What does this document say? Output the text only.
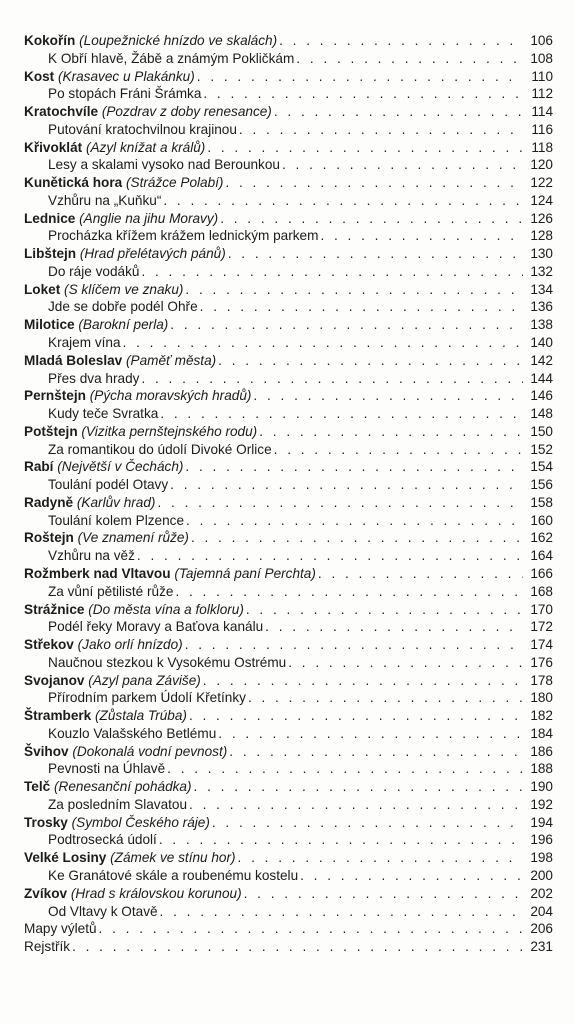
Kokořín (Loupežnické hnízdo ve skalách) . . .	106
K Obří hlavě, Žábě a známým Pokličkám . . .	108
Kost (Krasavec u Plakánku) . . .	110
Po stopách Fráni Šrámka . . .	112
Kratochvíle (Pozdrav z doby renesance) . . .	114
Putování kratochvilnou krajinou . . .	116
Křivoklát (Azyl knížat a králů) . . .	118
Lesy a skalami vysoko nad Berounkou . . .	120
Kunětická hora (Strážce Polabí) . . .	122
Vzhůru na „Kuňku“ . . .	124
Lednice (Anglie na jihu Moravy) . . .	126
Procházka křížem krážem lednickým parkem . . .	128
Libštejn (Hrad přelétavých pánů) . . .	130
Do ráje vodáků . . .	132
Loket (S klíčem ve znaku) . . .	134
Jde se dobře podél Ohře . . .	136
Milotice (Barokní perla) . . .	138
Krajem vína . . .	140
Mladá Boleslav (Paměť města) . . .	142
Přes dva hrady . . .	144
Pernštejn (Pýcha moravských hradů) . . .	146
Kudy teče Svratka . . .	148
Potštejn (Vizitka pernštejnského rodu) . . .	150
Za romantikou do údolí Divoké Orlice . . .	152
Rabí (Největší v Čechách) . . .	154
Toulání podél Otavy . . .	156
Radyně (Karlův hrad) . . .	158
Toulání kolem Plzence . . .	160
Roštejn (Ve znamení růže) . . .	162
Vzhůru na věž . . .	164
Rožmberk nad Vltavou (Tajemná paní Perchta) . . .	166
Za vůní pětilisté růže . . .	168
Strážnice (Do města vína a folkloru) . . .	170
Podél řeky Moravy a Baťova kanálu . . .	172
Střekov (Jako orlí hnízdo) . . .	174
Naučnou stezkou k Vysokému Ostrému . . .	176
Svojanov (Azyl pana Záviše) . . .	178
Přírodním parkem Údolí Křetínky . . .	180
Štramberk (Zůstala Trúba) . . .	182
Kouzlo Valašského Betlému . . .	184
Švihov (Dokonalá vodní pevnost) . . .	186
Pevnosti na Úhlavě . . .	188
Telč (Renesanční pohádka) . . .	190
Za posledním Slavatou . . .	192
Trosky (Symbol Českého ráje) . . .	194
Podtrosecká údolí . . .	196
Velké Losiny (Zámek ve stínu hor) . . .	198
Ke Granátové skále a roubenému kostelu . . .	200
Zvíkov (Hrad s královskou korunou) . . .	202
Od Vltavy k Otavě . . .	204
Mapy výletů . . .	206
Rejstřík . . .	231
